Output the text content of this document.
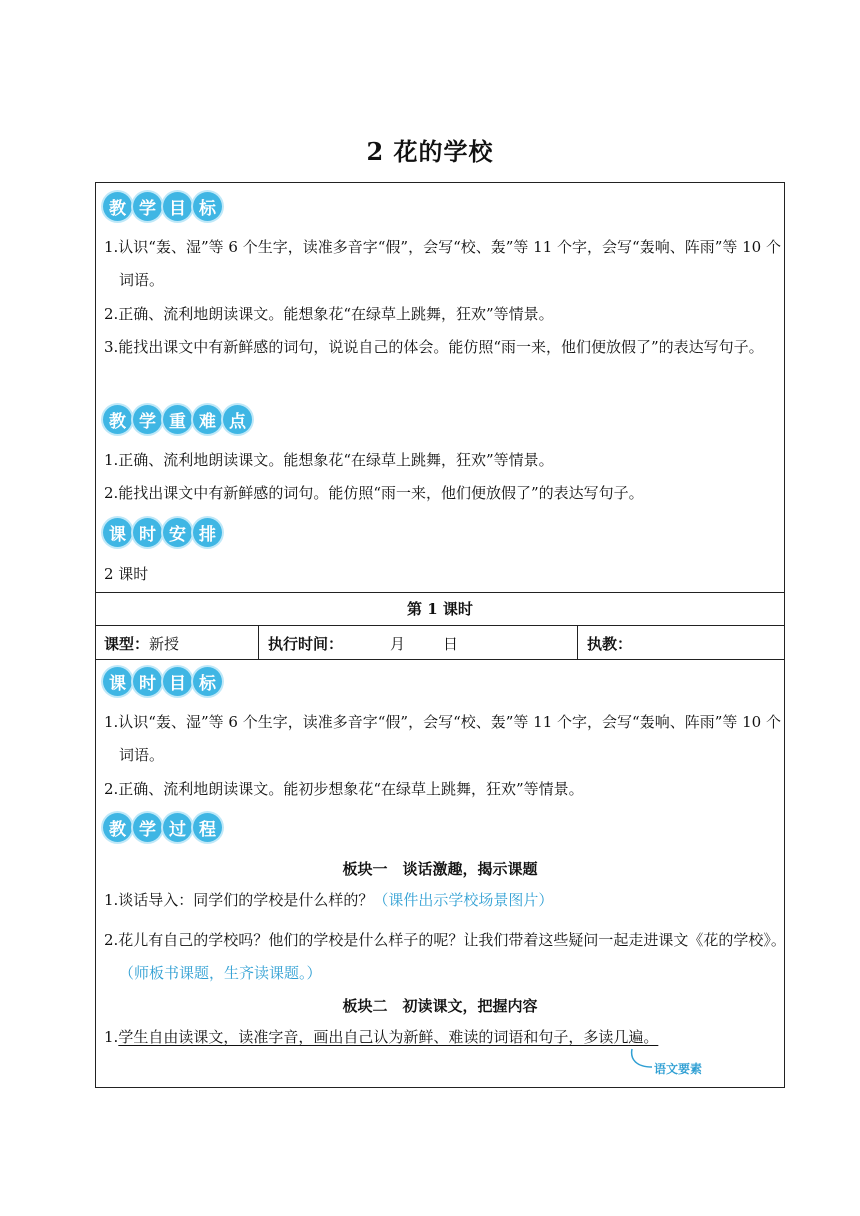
2 花的学校
教 学 目 标
1.认识“轰、湿”等 6 个生字，读准多音字“假”，会写“校、轰”等 11 个字，会写“轰响、阵雨”等 10 个词语。
2.正确、流利地朗读课文。能想象花“在绿草上跳舞，狂欢”等情景。
3.能找出课文中有新鲜感的词句，说说自己的体会。能仿照“雨一来，他们便放假了”的表达写句子。
教 学 重 难 点
1.正确、流利地朗读课文。能想象花“在绿草上跳舞，狂欢”等情景。
2.能找出课文中有新鲜感的词句。能仿照“雨一来，他们便放假了”的表达写句子。
课 时 安 排
2 课时
第 1 课时
课型：新授	执行时间：	月	日	执教：
课 时 目 标
1.认识“轰、湿”等 6 个生字，读准多音字“假”，会写“校、轰”等 11 个字，会写“轰响、阵雨”等 10 个词语。
2.正确、流利地朗读课文。能初步想象花“在绿草上跳舞，狂欢”等情景。
教 学 过 程
板块一　谈话激趣，揭示课题
1.谈话导入：同学们的学校是什么样的？（课件出示学校场景图片）
2.花儿有自己的学校吗？他们的学校是什么样子的呢？让我们带着这些疑问一起走进课文《花的学校》。（师板书课题，生齐读课题。）
板块二　初读课文，把握内容
1.学生自由读课文，读准字音，画出自己认为新鲜、难读的词语和句子，多读几遍。
语文要素
